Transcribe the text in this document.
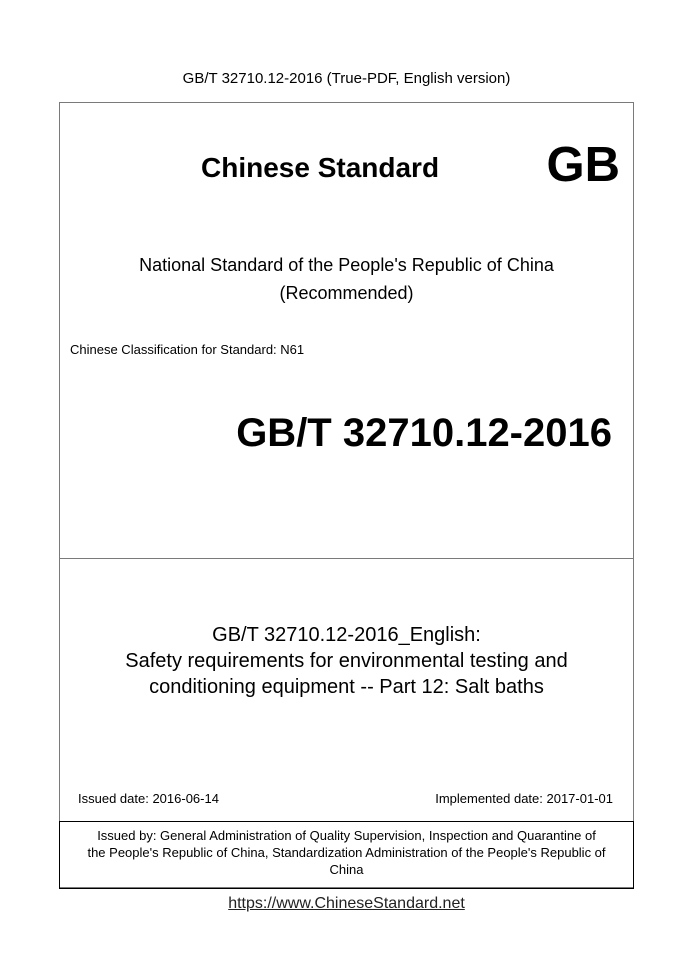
GB/T 32710.12-2016 (True-PDF, English version)
Chinese Standard GB
National Standard of the People's Republic of China
(Recommended)
Chinese Classification for Standard: N61
GB/T 32710.12-2016
GB/T 32710.12-2016_English:
Safety requirements for environmental testing and
conditioning equipment -- Part 12: Salt baths
Issued date: 2016-06-14	Implemented date: 2017-01-01
Issued by: General Administration of Quality Supervision, Inspection and Quarantine of
the People's Republic of China, Standardization Administration of the People's Republic of
China
https://www.ChineseStandard.net
